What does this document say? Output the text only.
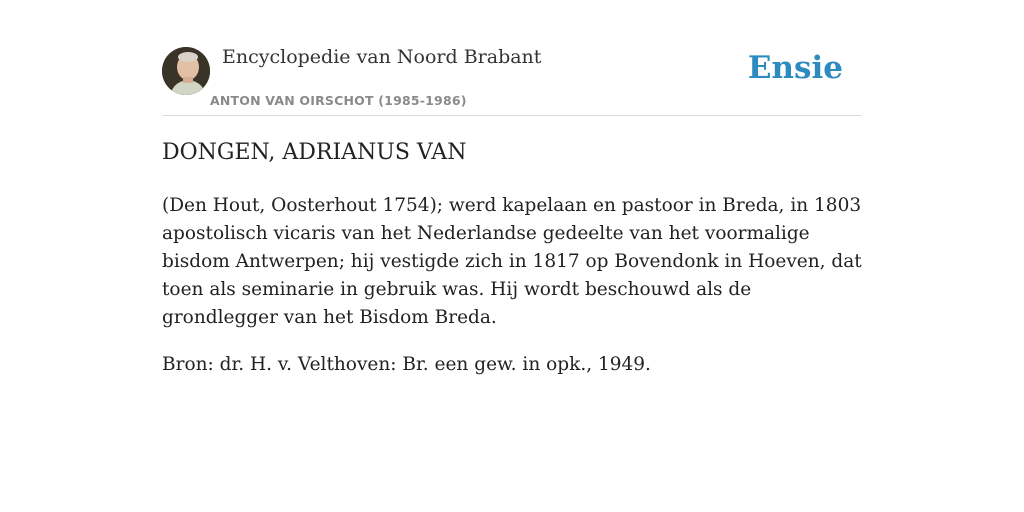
Encyclopedie van Noord Brabant
ANTON VAN OIRSCHOT (1985-1986)
Ensie
DONGEN, ADRIANUS VAN

(Den Hout, Oosterhout 1754); werd kapelaan en pastoor in Breda, in 1803 apostolisch vicaris van het Nederlandse gedeelte van het voormalige bisdom Antwerpen; hij vestigde zich in 1817 op Bovendonk in Hoeven, dat toen als seminarie in gebruik was. Hij wordt beschouwd als de grondlegger van het Bisdom Breda.

Bron: dr. H. v. Velthoven: Br. een gew. in opk., 1949.
